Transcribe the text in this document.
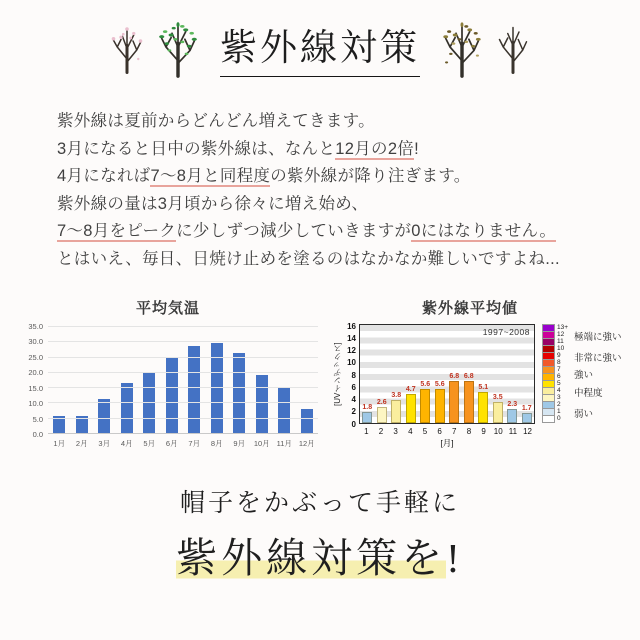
紫外線対策
紫外線は夏前からどんどん増えてきます。
3月になると日中の紫外線は、なんと12月の2倍!
4月になれば7〜8月と同程度の紫外線が降り注ぎます。
紫外線の量は3月頃から徐々に増え始め、
7〜8月をピークに少しずつ減少していきますが0にはなりません。
とはいえ、毎日、日焼け止めを塗るのはなかなか難しいですよね...
平均気温
0.0
5.0
10.0
15.0
20.0
25.0
30.0
35.0
1月	2月	3月	4月	5月	6月	7月	8月	9月	10月 11月 12月
紫外線平均値
[UVインデックス]
0
2
4
6
8
10
12
14
16
1997~2008
1.8
2.6
3.8
4.7
5.6 5.6
6.8 6.8
5.1
3.5
2.3
1.7
1	2	3	4	5	6	7	8	9 10 11 12
[月]
13+
12
11
10
9
8
7
6
5
4
3
2
1
0
極端に強い
非常に強い
強い
中程度
弱い
帽子をかぶって手軽に
紫外線対策を!
